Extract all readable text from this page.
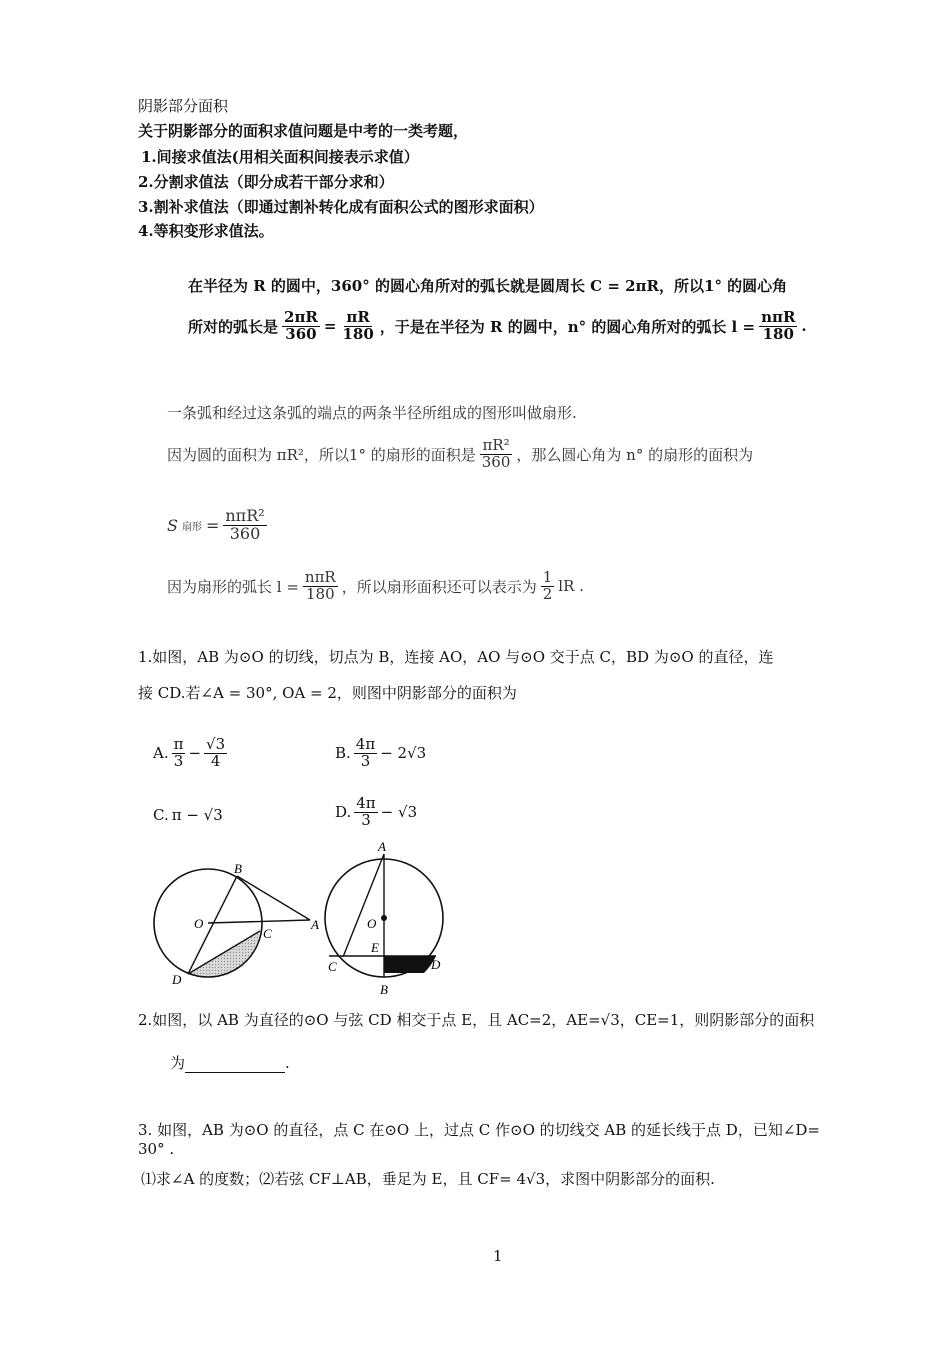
阴影部分面积
关于阴影部分的面积求值问题是中考的一类考题，
1.间接求值法(用相关面积间接表示求值）
2.分割求值法（即分成若干部分求和）
3.割补求值法（即通过割补转化成有面积公式的图形求面积）
4.等积变形求值法。
在半径为 R 的圆中，360° 的圆心角所对的弧长就是圆周长 C = 2πR，所以1° 的圆心角
所对的弧长是 $\frac{2\pi R}{360} = \frac{\pi R}{180}$ ，于是在半径为 R 的圆中，n° 的圆心角所对的弧长 $l = \frac{\text{nπR}}{180}$ .
一条弧和经过这条弧的端点的两条半径所组成的图形叫做扇形.
因为圆的面积为 πR²，所以1° 的扇形的面积是 $\frac{\text{πR²}}{360}$ ，那么圆心角为 n° 的扇形的面积为
S 扇形 = $\frac{\text{nπR²}}{360}$
因为扇形的弧长 $l = \frac{\text{nπR}}{180}$ ，所以扇形面积还可以表示为 $\frac{1}{2}$ lR .
1.如图，AB 为⊙O 的切线，切点为 B，连接 AO，AO 与⊙O 交于点 C，BD 为⊙O 的直径，连
接 CD.若∠A = 30°, OA = 2，则图中阴影部分的面积为
A. $\frac{\pi}{3} - \frac{√3}{4}$	B. $\frac{4\pi}{3} - 2√3$
C. π − √3	D. $\frac{4\pi}{3} - √3$
B
O
C
A
D
A
O
E
C	D
B
2.如图，以 AB 为直径的⊙O 与弦 CD 相交于点 E，且 AC=2，AE=√3，CE=1，则阴影部分的面积
为	.
3. 如图，AB 为⊙O 的直径，点 C 在⊙O 上，过点 C 作⊙O 的切线交 AB 的延长线于点 D，已知∠D=
30° .
⑴求∠A 的度数；⑵若弦 CF⊥AB，垂足为 E，且 CF= 4√3，求图中阴影部分的面积.
1
